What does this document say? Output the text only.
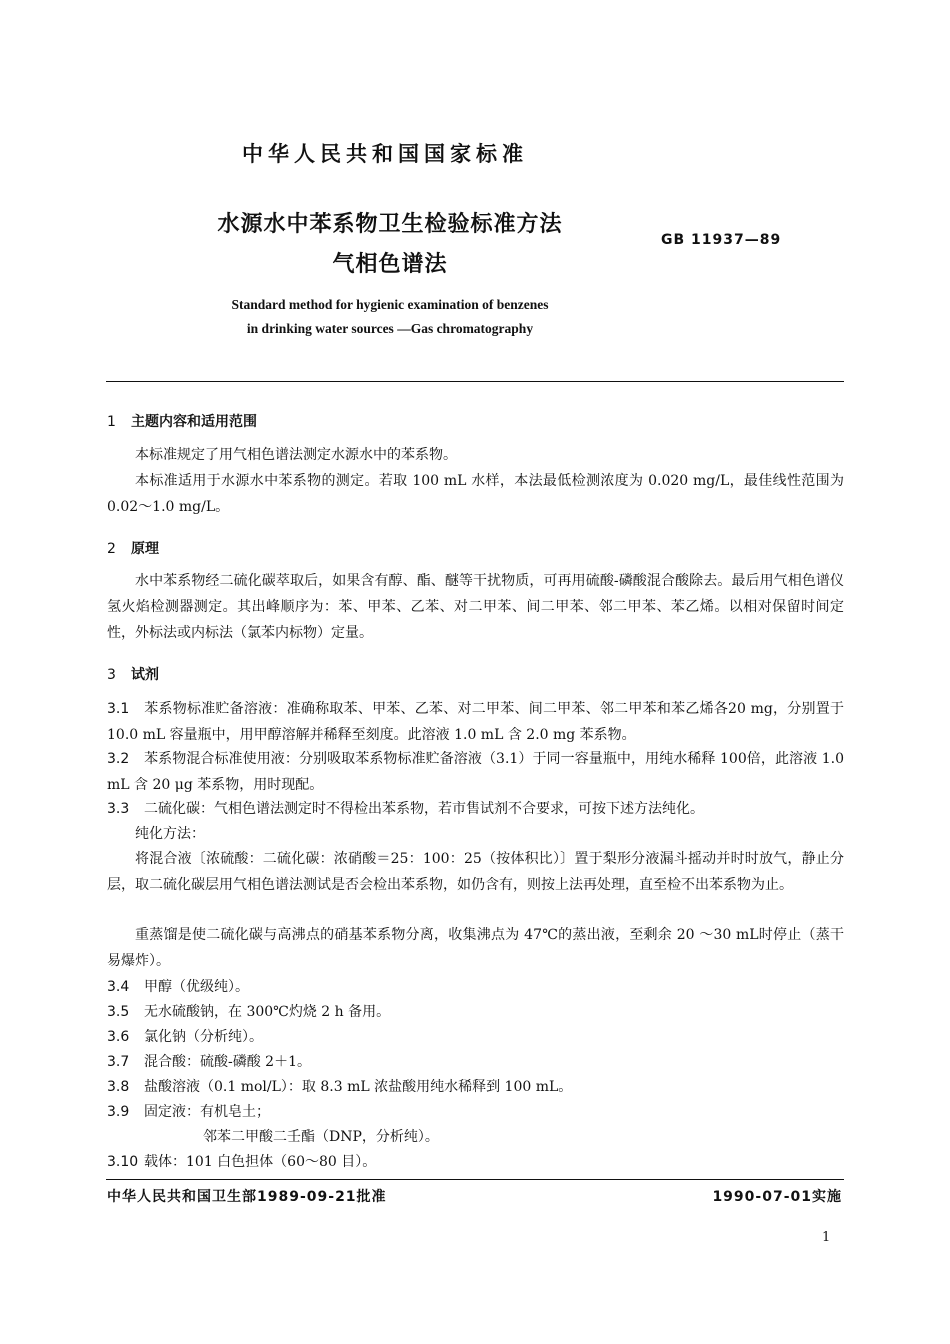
中华人民共和国国家标准
水源水中苯系物卫生检验标准方法
气相色谱法
GB 11937—89
Standard method for hygienic examination of benzenes
in drinking water sources —Gas chromatography
1 主题内容和适用范围
本标准规定了用气相色谱法测定水源水中的苯系物。
本标准适用于水源水中苯系物的测定。若取 100 mL 水样，本法最低检测浓度为 0.020 mg/L，最佳线性范围为 0.02～1.0 mg/L。
2 原理
水中苯系物经二硫化碳萃取后，如果含有醇、酯、醚等干扰物质，可再用硫酸-磷酸混合酸除去。最后用气相色谱仪氢火焰检测器测定。其出峰顺序为：苯、甲苯、乙苯、对二甲苯、间二甲苯、邻二甲苯、苯乙烯。以相对保留时间定性，外标法或内标法（氯苯内标物）定量。
3 试剂
3.1 苯系物标准贮备溶液：准确称取苯、甲苯、乙苯、对二甲苯、间二甲苯、邻二甲苯和苯乙烯各20 mg，分别置于 10.0 mL 容量瓶中，用甲醇溶解并稀释至刻度。此溶液 1.0 mL 含 2.0 mg 苯系物。
3.2 苯系物混合标准使用液：分别吸取苯系物标准贮备溶液（3.1）于同一容量瓶中，用纯水稀释 100倍，此溶液 1.0 mL 含 20 μg 苯系物，用时现配。
3.3 二硫化碳：气相色谱法测定时不得检出苯系物，若市售试剂不合要求，可按下述方法纯化。
纯化方法：
将混合液〔浓硫酸：二硫化碳：浓硝酸＝25：100：25（按体积比）〕置于梨形分液漏斗摇动并时时放气，静止分层，取二硫化碳层用气相色谱法测试是否会检出苯系物，如仍含有，则按上法再处理，直至检不出苯系物为止。
重蒸馏是使二硫化碳与高沸点的硝基苯系物分离，收集沸点为 47℃的蒸出液，至剩余 20 ～30 mL时停止（蒸干易爆炸）。
3.4 甲醇（优级纯）。
3.5 无水硫酸钠，在 300℃灼烧 2 h 备用。
3.6 氯化钠（分析纯）。
3.7 混合酸：硫酸-磷酸 2＋1。
3.8 盐酸溶液（0.1 mol/L）：取 8.3 mL 浓盐酸用纯水稀释到 100 mL。
3.9 固定液：有机皂土；
邻苯二甲酸二壬酯（DNP，分析纯）。
3.10 载体：101 白色担体（60～80 目）。
中华人民共和国卫生部1989-09-21批准	1990-07-01实施
1
